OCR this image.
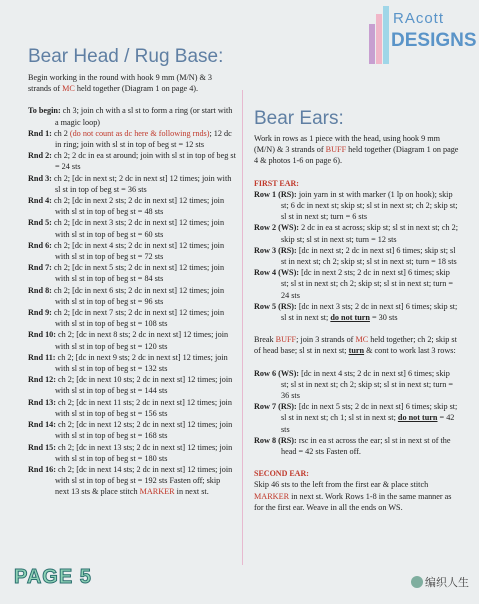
RAcott
DESIGNS
Bear Head / Rug Base:

Begin working in the round with hook 9 mm (M/N) & 3 strands of MC held together (Diagram 1 on page 4).

To begin: ch 3; join ch with a sl st to form a ring (or start with a magic loop)

Rnd 1: ch 2 (do not count as dc here & following rnds); 12 dc in ring; join with sl st in top of beg st = 12 sts

Rnd 2: ch 2; 2 dc in ea st around; join with sl st in top of beg st = 24 sts

Rnd 3: ch 2; [dc in next st; 2 dc in next st] 12 times; join with sl st in top of beg st = 36 sts

Rnd 4: ch 2; [dc in next 2 sts; 2 dc in next st] 12 times; join with sl st in top of beg st = 48 sts

Rnd 5: ch 2; [dc in next 3 sts; 2 dc in next st] 12 times; join with sl st in top of beg st = 60 sts

Rnd 6: ch 2; [dc in next 4 sts; 2 dc in next st] 12 times; join with sl st in top of beg st = 72 sts

Rnd 7: ch 2; [dc in next 5 sts; 2 dc in next st] 12 times; join with sl st in top of beg st = 84 sts

Rnd 8: ch 2; [dc in next 6 sts; 2 dc in next st] 12 times; join with sl st in top of beg st = 96 sts

Rnd 9: ch 2; [dc in next 7 sts; 2 dc in next st] 12 times; join with sl st in top of beg st = 108 sts

Rnd 10: ch 2; [dc in next 8 sts; 2 dc in next st] 12 times; join with sl st in top of beg st = 120 sts

Rnd 11: ch 2; [dc in next 9 sts; 2 dc in next st] 12 times; join with sl st in top of beg st = 132 sts

Rnd 12: ch 2; [dc in next 10 sts; 2 dc in next st] 12 times; join with sl st in top of beg st = 144 sts

Rnd 13: ch 2; [dc in next 11 sts; 2 dc in next st] 12 times; join with sl st in top of beg st = 156 sts

Rnd 14: ch 2; [dc in next 12 sts; 2 dc in next st] 12 times; join with sl st in top of beg st = 168 sts

Rnd 15: ch 2; [dc in next 13 sts; 2 dc in next st] 12 times; join with sl st in top of beg st = 180 sts

Rnd 16: ch 2; [dc in next 14 sts; 2 dc in next st] 12 times; join with sl st in top of beg st = 192 sts Fasten off; skip next 13 sts & place stitch MARKER in next st.

Bear Ears:

Work in rows as 1 piece with the head, using hook 9 mm (M/N) & 3 strands of BUFF held together (Diagram 1 on page 4 & photos 1-6 on page 6).

FIRST EAR:

Row 1 (RS): join yarn in st with marker (1 lp on hook); skip st; 6 dc in next st; skip st; sl st in next st; ch 2; skip st; sl st in next st; turn = 6 sts

Row 2 (WS): 2 dc in ea st across; skip st; sl st in next st; ch 2; skip st; sl st in next st; turn = 12 sts

Row 3 (RS): [dc in next st; 2 dc in next st] 6 times; skip st; sl st in next st; ch 2; skip st; sl st in next st; turn = 18 sts

Row 4 (WS): [dc in next 2 sts; 2 dc in next st] 6 times; skip st; sl st in next st; ch 2; skip st; sl st in next st; turn = 24 sts

Row 5 (RS): [dc in next 3 sts; 2 dc in next st] 6 times; skip st; sl st in next st; do not turn = 30 sts

Break BUFF; join 3 strands of MC held together; ch 2; skip st of head base; sl st in next st; turn & cont to work last 3 rows:

Row 6 (WS): [dc in next 4 sts; 2 dc in next st] 6 times; skip st; sl st in next st; ch 2; skip st; sl st in next st; turn = 36 sts

Row 7 (RS): [dc in next 5 sts; 2 dc in next st] 6 times; skip st; sl st in next st; ch 1; sl st in next st; do not turn = 42 sts

Row 8 (RS): rsc in ea st across the ear; sl st in next st of the head = 42 sts Fasten off.

SECOND EAR:

Skip 46 sts to the left from the first ear & place stitch MARKER in next st. Work Rows 1-8 in the same manner as for the first ear. Weave in all the ends on WS.

PAGE 5	编织人生
